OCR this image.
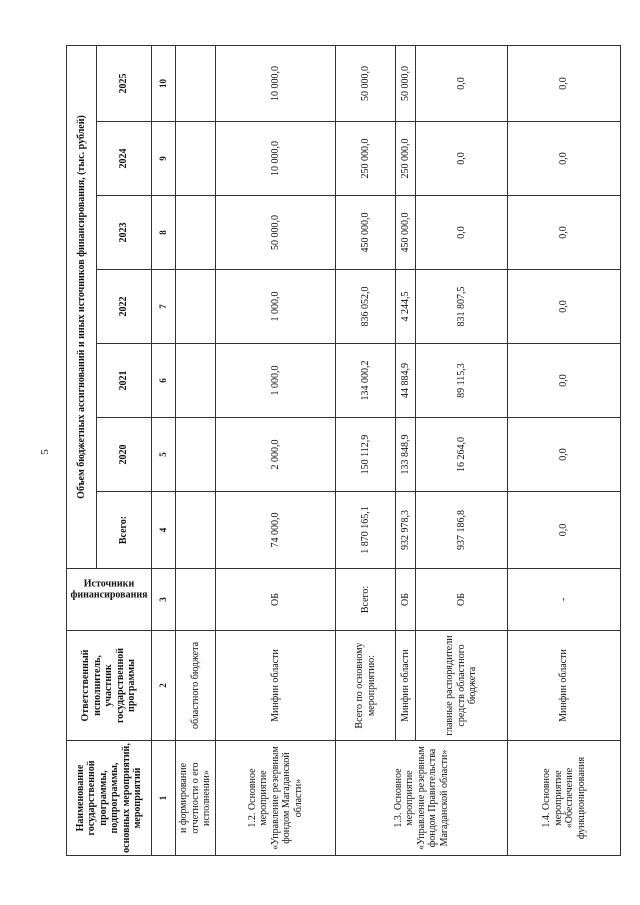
5
Наименование государственной программы, подпрограммы, основных мероприятий, мероприятий	Ответственный исполнитель, участник государственной программы	Источники
финансирования	Объем бюджетных ассигнований и иных источников финансирования, (тыс. рублей)						
			Всего:	2020	2021	2022	2023	2024	2025
1	2	3	4	5	6	7	8	9	10
и формирование отчетности о его исполнении»	областного бюджета								
1.2. Основное мероприятие «Управление резервным фондом Магаданской области»	Минфин области	ОБ	74 000,0	2 000,0	1 000,0	1 000,0	50 000,0	10 000,0	10 000,0
1.3. Основное мероприятие «Управление резервным фондом Правительства Магаданской области»	Всего по основному мероприятию:	Всего:	1 870 165,1	150 112,9	134 000,2	836 052,0	450 000,0	250 000,0	50 000,0
	Минфин области	ОБ	932 978,3	133 848,9	44 884,9	4 244,5	450 000,0	250 000,0	50 000,0
	главные распорядители средств областного бюджета	ОБ	937 186,8	16 264,0	89 115,3	831 807,5	0,0	0,0	0,0
1.4. Основное мероприятие «Обеспечение функционирования	Минфин области	-	0,0	0,0	0,0	0,0	0,0	0,0	0,0
